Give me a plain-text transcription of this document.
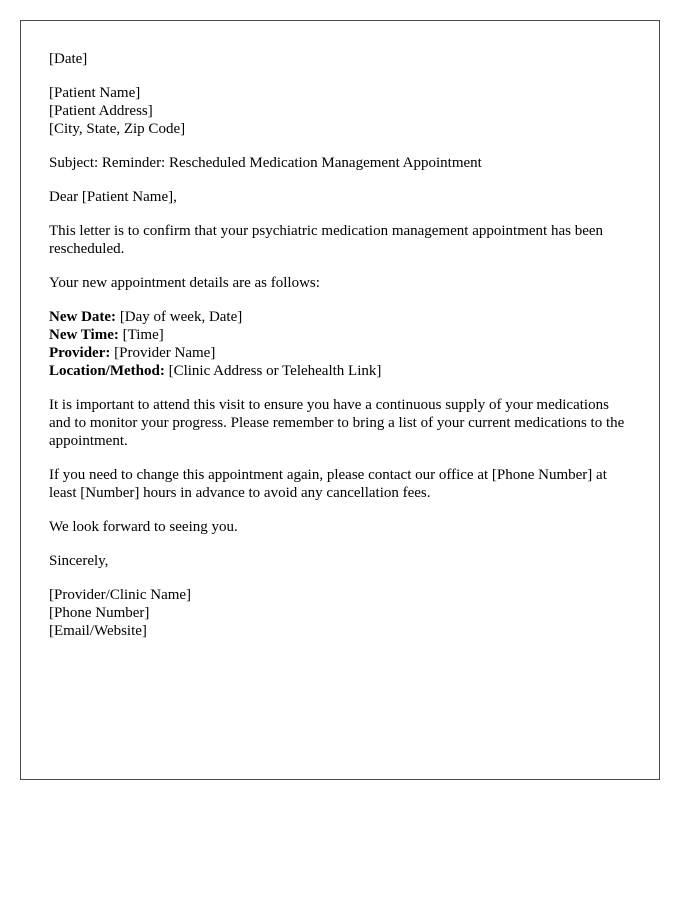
[Date]
[Patient Name]
[Patient Address]
[City, State, Zip Code]
Subject: Reminder: Rescheduled Medication Management Appointment
Dear [Patient Name],
This letter is to confirm that your psychiatric medication management appointment has been rescheduled.
Your new appointment details are as follows:
New Date: [Day of week, Date]
New Time: [Time]
Provider: [Provider Name]
Location/Method: [Clinic Address or Telehealth Link]
It is important to attend this visit to ensure you have a continuous supply of your medications and to monitor your progress. Please remember to bring a list of your current medications to the appointment.
If you need to change this appointment again, please contact our office at [Phone Number] at least [Number] hours in advance to avoid any cancellation fees.
We look forward to seeing you.
Sincerely,
[Provider/Clinic Name]
[Phone Number]
[Email/Website]
